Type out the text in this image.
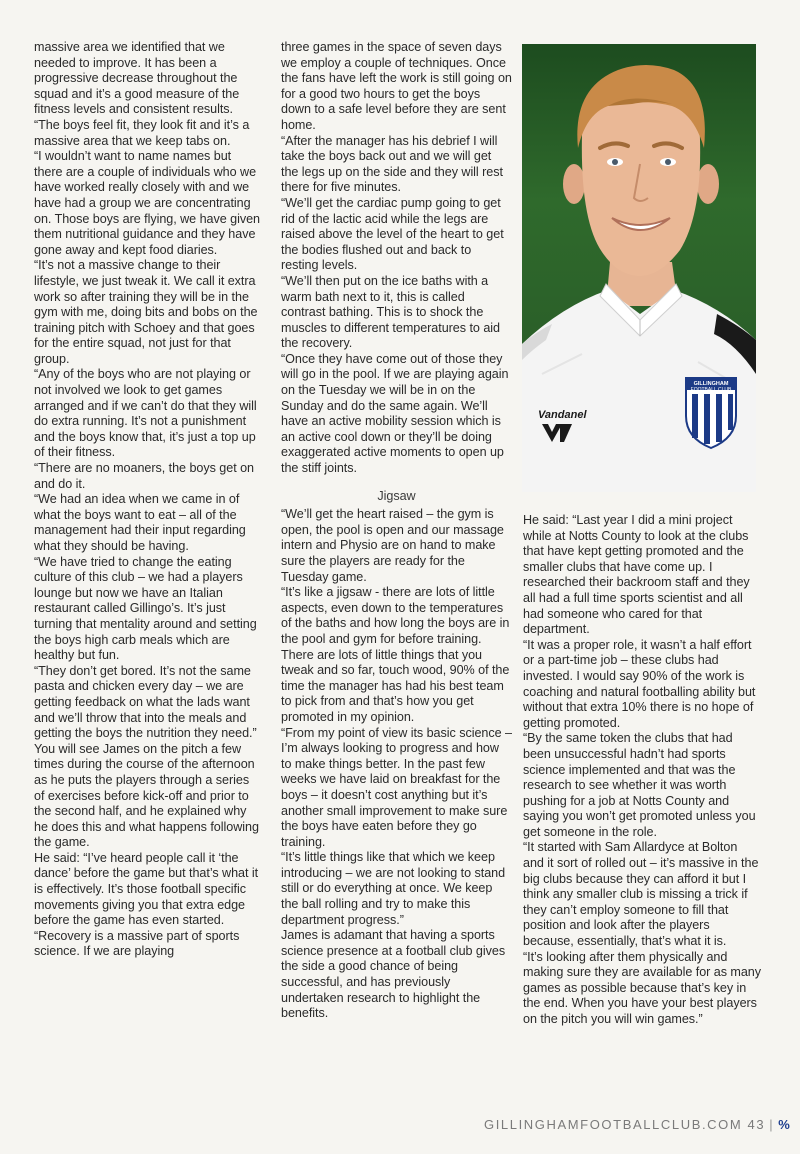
massive area we identified that we needed to improve. It has been a progressive decrease throughout the squad and it’s a good measure of the fitness levels and consistent results.

“The boys feel fit, they look fit and it’s a massive area that we keep tabs on.

“I wouldn’t want to name names but there are a couple of individuals who we have worked really closely with and we have had a group we are concentrating on. Those boys are flying, we have given them nutritional guidance and they have gone away and kept food diaries.

“It’s not a massive change to their lifestyle, we just tweak it. We call it extra work so after training they will be in the gym with me, doing bits and bobs on the training pitch with Schoey and that goes for the entire squad, not just for that group.

“Any of the boys who are not playing or not involved we look to get games arranged and if we can’t do that they will do extra running. It’s not a punishment and the boys know that, it’s just a top up of their fitness.

“There are no moaners, the boys get on and do it.

“We had an idea when we came in of what the boys want to eat – all of the management had their input regarding what they should be having.

“We have tried to change the eating culture of this club – we had a players lounge but now we have an Italian restaurant called Gillingo’s. It’s just turning that mentality around and setting the boys high carb meals which are healthy but fun.

“They don’t get bored. It’s not the same pasta and chicken every day – we are getting feedback on what the lads want and we’ll throw that into the meals and getting the boys the nutrition they need.”

You will see James on the pitch a few times during the course of the afternoon as he puts the players through a series of exercises before kick-off and prior to the second half, and he explained why he does this and what happens following the game.

He said: “I’ve heard people call it ‘the dance’ before the game but that’s what it is effectively. It’s those football specific movements giving you that extra edge before the game has even started.

“Recovery is a massive part of sports science. If we are playing

three games in the space of seven days we employ a couple of techniques. Once the fans have left the work is still going on for a good two hours to get the boys down to a safe level before they are sent home.

“After the manager has his debrief I will take the boys back out and we will get the legs up on the side and they will rest there for five minutes.

“We’ll get the cardiac pump going to get rid of the lactic acid while the legs are raised above the level of the heart to get the bodies flushed out and back to resting levels.

“We’ll then put on the ice baths with a warm bath next to it, this is called contrast bathing. This is to shock the muscles to different temperatures to aid the recovery.

“Once they have come out of those they will go in the pool. If we are playing again on the Tuesday we will be in on the Sunday and do the same again. We’ll have an active mobility session which is an active cool down or they’ll be doing exaggerated active moments to open up the stiff joints.

Jigsaw

“We’ll get the heart raised – the gym is open, the pool is open and our massage intern and Physio are on hand to make sure the players are ready for the Tuesday game.

“It’s like a jigsaw - there are lots of little aspects, even down to the temperatures of the baths and how long the boys are in the pool and gym for before training. There are lots of little things that you tweak and so far, touch wood, 90% of the time the manager has had his best team to pick from and that’s how you get promoted in my opinion.

“From my point of view its basic science – I’m always looking to progress and how to make things better. In the past few weeks we have laid on breakfast for the boys – it doesn’t cost anything but it’s another small improvement to make sure the boys have eaten before they go training.

“It’s little things like that which we keep introducing – we are not looking to stand still or do everything at once. We keep the ball rolling and try to make this department progress.”

James is adamant that having a sports science presence at a football club gives the side a good chance of being successful, and has previously undertaken research to highlight the benefits.

GILLINGHAM
FOOTBALL CLUB
Vandanel

He said: “Last year I did a mini project while at Notts County to look at the clubs that have kept getting promoted and the smaller clubs that have come up. I researched their backroom staff and they all had a full time sports scientist and all had someone who cared for that department.

“It was a proper role, it wasn’t a half effort or a part-time job – these clubs had invested. I would say 90% of the work is coaching and natural footballing ability but without that extra 10% there is no hope of getting promoted.

“By the same token the clubs that had been unsuccessful hadn’t had sports science implemented and that was the research to see whether it was worth pushing for a job at Notts County and saying you won’t get promoted unless you get someone in the role.

“It started with Sam Allardyce at Bolton and it sort of rolled out – it’s massive in the big clubs because they can afford it but I think any smaller club is missing a trick if they can’t employ someone to fill that position and look after the players because, essentially, that’s what it is.

“It’s looking after them physically and making sure they are available for as many games as possible because that’s key in the end. When you have your best players on the pitch you will win games.”

GILLINGHAMFOOTBALLCLUB.COM 43 | %
